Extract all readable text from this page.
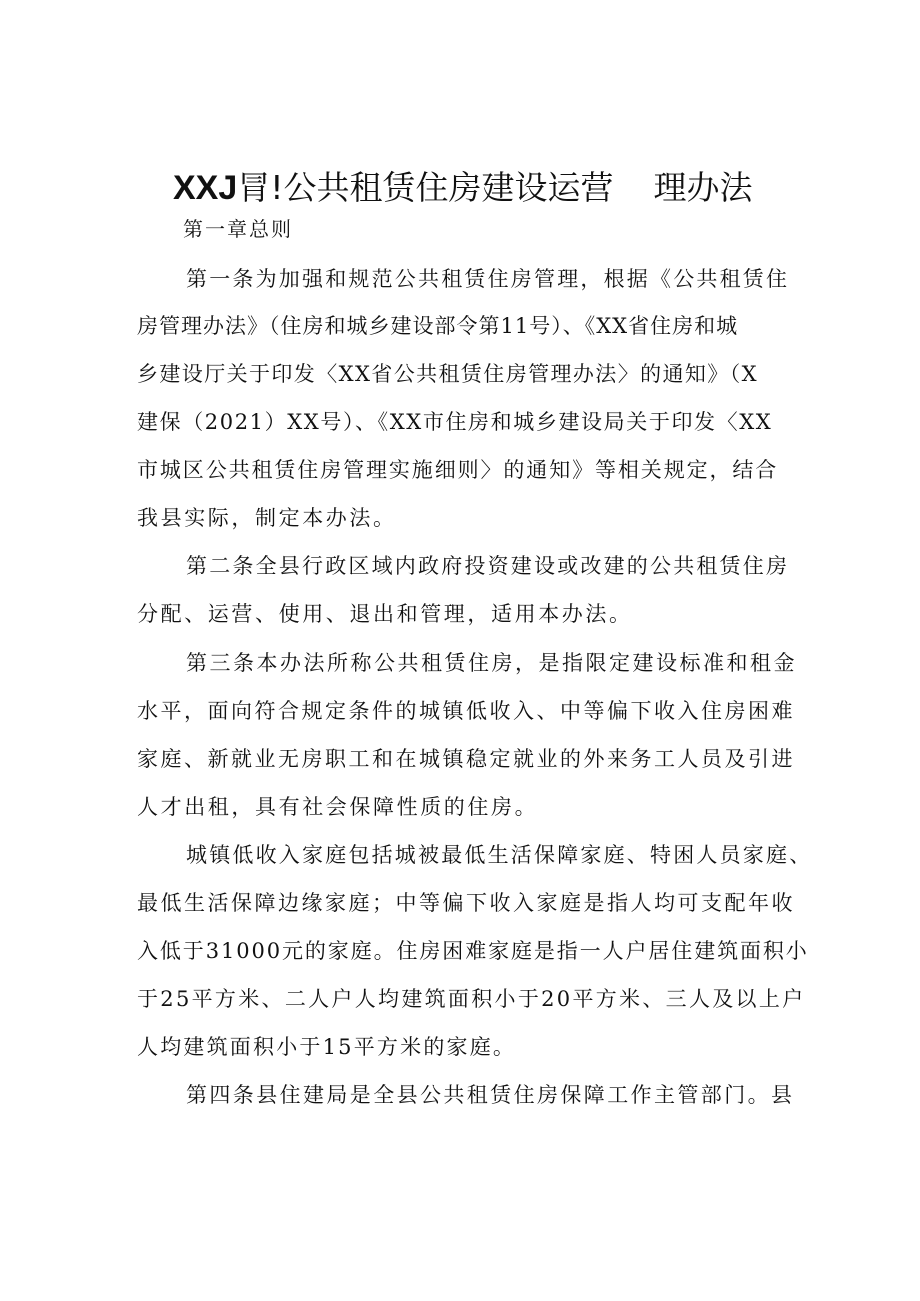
XXJ冐!公共租赁住房建设运营 理办法
第一章总则
第一条为加强和规范公共租赁住房管理，根据《公共租赁住
房管理办法》（住房和城乡建设部令第11号）、《XX省住房和城
乡建设厅关于印发〈XX省公共租赁住房管理办法〉的通知》（X
建保（2021）XX号）、《XX市住房和城乡建设局关于印发〈XX
市城区公共租赁住房管理实施细则〉的通知》等相关规定，结合
我县实际，制定本办法。
第二条全县行政区域内政府投资建设或改建的公共租赁住房
分配、运营、使用、退出和管理，适用本办法。
第三条本办法所称公共租赁住房，是指限定建设标准和租金
水平，面向符合规定条件的城镇低收入、中等偏下收入住房困难
家庭、新就业无房职工和在城镇稳定就业的外来务工人员及引进
人才出租，具有社会保障性质的住房。
城镇低收入家庭包括城被最低生活保障家庭、特困人员家庭、
最低生活保障边缘家庭；中等偏下收入家庭是指人均可支配年收
入低于31000元的家庭。住房困难家庭是指一人户居住建筑面积小
于25平方米、二人户人均建筑面积小于20平方米、三人及以上户
人均建筑面积小于15平方米的家庭。
第四条县住建局是全县公共租赁住房保障工作主管部门。县
